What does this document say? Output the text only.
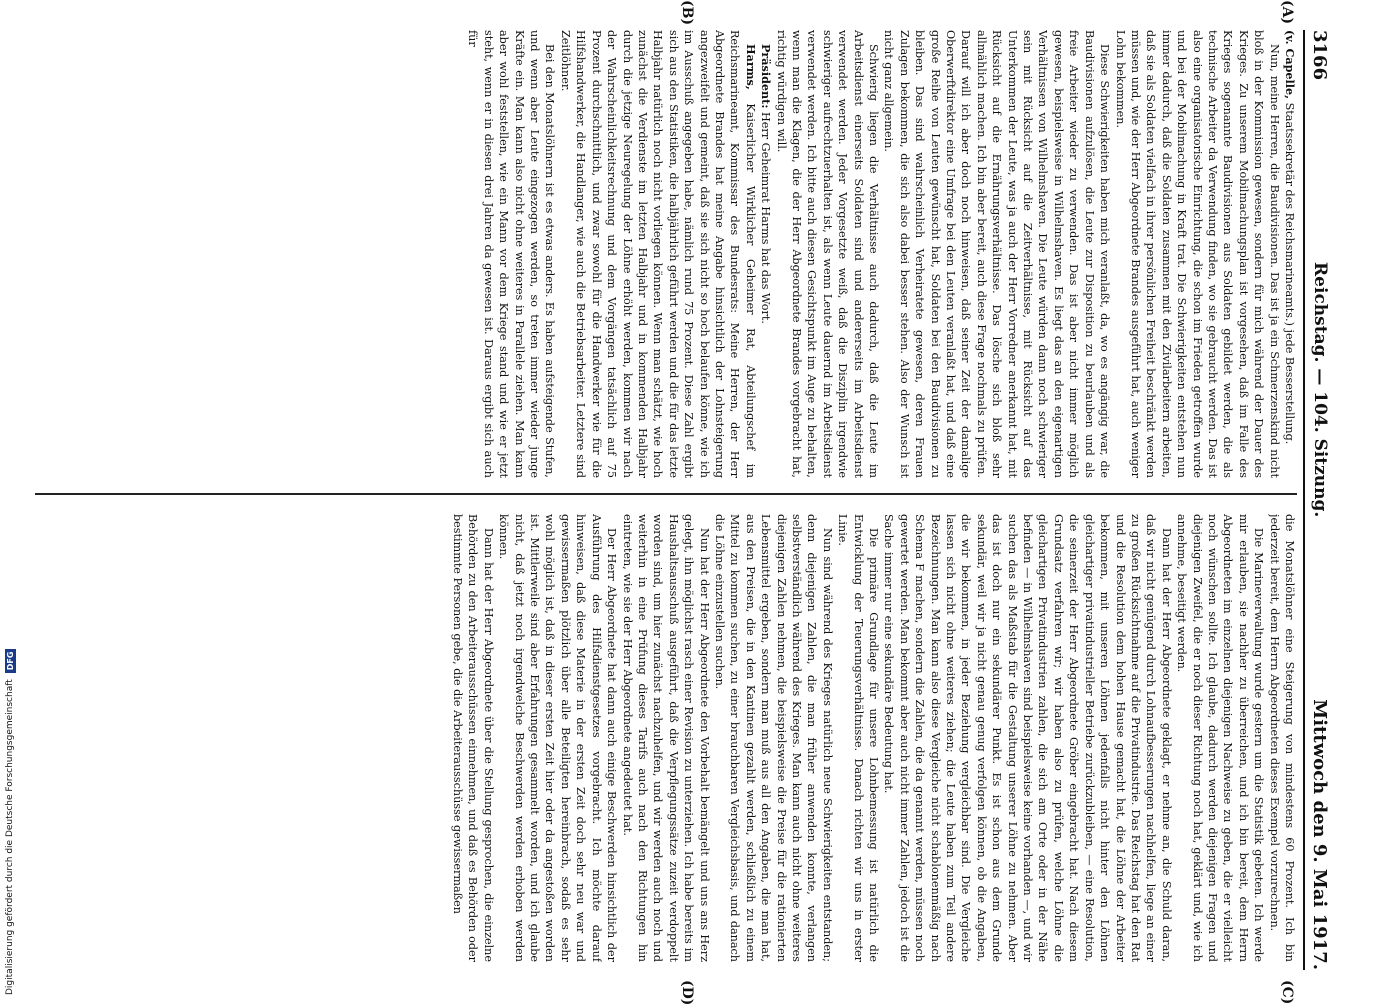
3166
Reichstag. — 104. Sitzung.
Mittwoch den 9. Mai 1917.

(v. Capelle, Staatssekretär des Reichsmarineamts.) jede Besserstellung.

Nun, meine Herren, die Baudivisionen. Das ist ja ein Schmerzenskind nicht bloß in der Kommission gewesen, sondern für mich während der Dauer des Krieges. Zu unserem Mobilmachungsplan ist vorgesehen, daß im Falle des Krieges sogenannte Baudivisionen aus Soldaten gebildet werden, die als technische Arbeiter da Verwendung finden, wo sie gebraucht werden. Das ist also eine organisatorische Einrichtung, die schon im Frieden getroffen wurde und bei der Mobilmachung in Kraft trat. Die Schwierigkeiten entstehen nun immer dadurch, daß die Soldaten zusammen mit den Zivilarbeitern arbeiten, daß sie als Soldaten vielfach in ihrer persönlichen Freiheit beschränkt werden müssen und, wie der Herr Abgeordnete Brandes ausgeführt hat, auch weniger Lohn bekommen.

Diese Schwierigkeiten haben mich veranlaßt, da, wo es angängig war, die Baudivisionen aufzulösen, die Leute zur Disposition zu beurlauben und als freie Arbeiter wieder zu verwenden. Das ist aber nicht immer möglich gewesen, beispielsweise in Wilhelmshaven. Es liegt das an den eigenartigen Verhältnissen von Wilhelmshaven. Die Leute würden dann noch schwieriger sein mit Rücksicht auf die Zeitverhältnisse, mit Rücksicht auf das Unterkommen der Leute, was ja auch der Herr Vorredner anerkannt hat, mit Rücksicht auf die Ernährungsverhältnisse. Das lösche sich bloß sehr allmählich machen. Ich bin aber bereit, auch diese Frage nochmals zu prüfen. Darauf will ich aber doch noch hinweisen, daß seiner Zeit der damalige Oberwerftdirektor eine Umfrage bei den Leuten veranlaßt hat, und daß eine große Reihe von Leuten gewünscht hat, Soldaten bei den Baudivisionen zu bleiben. Das sind wahrscheinlich Verheiratete gewesen, deren Frauen Zulagen bekommen, die sich also dabei besser stehen. Also der Wunsch ist nicht ganz allgemein.

Schwierig liegen die Verhältnisse auch dadurch, daß die Leute im Arbeitsdienst einerseits Soldaten sind und andererseits im Arbeitsdienst verwendet werden. Jeder Vorgesetzte weiß, daß die Disziplin irgendwie schwieriger aufrechtzuerhalten ist, als wenn Leute dauernd im Arbeitsdienst verwendet werden. Ich bitte auch diesen Gesichtspunkt im Auge zu behalten, wenn man die Klagen, die der Herr Abgeordnete Brandes vorgebracht hat, richtig würdigen will.

Präsident: Herr Geheimrat Harms hat das Wort.

Harms, Kaiserlicher Wirklicher Geheimer Rat, Abteilungschef im Reichsmarineamt, Kommissar des Bundesrats: Meine Herren, der Herr Abgeordnete Brandes hat meine Angabe hinsichtlich der Lohnsteigerung angezweifelt und gemeint, daß sie sich nicht so hoch belaufen könne, wie ich im Ausschuß angegeben habe, nämlich rund 75 Prozent. Diese Zahl ergibt sich aus den Statistiken, die halbjährlich geführt werden und die für das letzte Halbjahr natürlich noch nicht vorliegen können. Wenn man schätzt, wie hoch zunächst die Verdienste im letzten Halbjahr und in kommenden Halbjahr durch die jetzige Neuregelung der Löhne erhöht werden, kommen wir nach der Wahrscheinlichkeitsrechnung und dem Vorgängen tatsächlich auf 75 Prozent durchschnittlich, und zwar sowohl für die Handwerker wie für die Hilfshandwerker, die Handlanger, wie auch die Betriebsarbeiter. Letztere sind Zeitlöhner.

Bei den Monatslöhnern ist es etwas anders. Es haben aufsteigende Stufen, und wenn aber Leute eingezogen werden, so treten immer wieder junge Kräfte ein. Man kann also nicht ohne weiteres in Parallele ziehen. Man kann aber wohl feststellen, wie ein Mann vor dem Kriege stand und wie er jetzt steht, wenn er in diesen drei Jahren da gewesen ist. Daraus ergibt sich auch für

die Monatslöhner eine Steigerung von mindestens 60 Prozent. Ich bin jederzeit bereit, dem Herrn Abgeordneten dieses Exempel vorzurechnen.

Die Marineverwaltung wurde gestern um die Statistik gebeten. Ich werde mir erlauben, sie nachher zu überreichen, und ich bin bereit, dem Herrn Abgeordneten im einzelnen diejenigen Nachweise zu geben, die er vielleicht noch wünschen sollte. Ich glaube, dadurch werden diejenigen Fragen und diejenigen Zweifel, die er noch dieser Richtung noch hat, geklärt und, wie ich annehme, beseitigt werden.

Dann hat der Herr Abgeordnete geklagt, er nehme an, die Schuld daran, daß wir nicht genügend durch Lohnaufbesserungen nachhelfen, liege an einer zu großen Rücksichtnahme auf die Privatindustrie. Das Reichstag hat den Rat und die Resolution dem hohen Hause gemacht hat, die Löhne der Arbeiter bekommen, mit unseren Löhnen jedenfalls nicht hinter den Löhnen gleichartiger privatindustrieller Betriebe zurückzubleiben, — eine Resolution, die seinerzeit der Herr Abgeordnete Gröber eingebracht hat. Nach diesem Grundsatz verfahren wir; wir haben also zu prüfen, welche Löhne die gleichartigen Privatindustrien zahlen, die sich am Orte oder in der Nähe befinden — in Wilhelmshaven sind beispielsweise keine vorhanden —, und wir suchen das als Maßstab für die Gestaltung unserer Löhne zu nehmen. Aber das ist doch nur ein sekundärer Punkt. Es ist schon aus dem Grunde sekundär, weil wir ja nicht genau genug verfolgen können, ob die Angaben, die wir bekommen, in jeder Beziehung vergleichbar sind. Die Vergleiche lassen sich nicht ohne weiteres ziehen; die Leute haben zum Teil andere Bezeichnungen. Man kann also diese Vergleiche nicht schablonenmäßig nach Schema F machen, sondern die Zahlen, die da genannt werden, müssen noch gewertet werden. Man bekommt aber auch nicht immer Zahlen, jedoch ist die Sache immer nur eine sekundäre Bedeutung hat.

Die primäre Grundlage für unsere Lohnbemessung ist natürlich die Entwicklung der Teuerungsverhältnisse. Danach richten wir uns in erster Linie.

Nun sind während des Krieges natürlich neue Schwierigkeiten entstanden; denn diejenigen Zahlen, die man früher anwenden konnte, verlangen selbstverständlich während des Krieges. Man kann auch nicht ohne weiteres diejenigen Zahlen nehmen, die beispielsweise die Preise für die rationierten Lebensmittel ergeben, sondern man muß aus all den Angaben, die man hat, aus den Preisen, die in den Kantinen gezahlt werden, schließlich zu einem Mittel zu kommen suchen, zu einer brauchbaren Vergleichsbasis, und danach die Löhne einzustellen suchen.

Nun hat der Herr Abgeordnete den Vorbehalt bemängelt und uns ans Herz gelegt, ihn möglichst rasch einer Revision zu unterziehen. Ich habe bereits im Haushaltsausschuß ausgeführt, daß die Verpflegungssätze zuzeit verdoppelt worden sind, um hier zunächst nachzuhelfen, und wir werden auch noch und weiterhin in eine Prüfung dieses Tarifs auch nach den Richtungen hin eintreten, wie sie der Herr Abgeordnete angedeutet hat.

Der Herr Abgeordnete hat dann auch einige Beschwerden hinsichtlich der Ausführung des Hilfsdienstgesetzes vorgebracht. Ich möchte darauf hinweisen, daß diese Materie in der ersten Zeit doch sehr neu war und gewissermaßen plötzlich über alle Beteiligten hereinbrach, sodaß es sehr wohl möglich ist, daß in dieser ersten Zeit hier oder da angestoßen worden ist. Mittlerweile sind aber Erfahrungen gesammelt worden, und ich glaube nicht, daß jetzt noch irgendwelche Beschwerden werden erhoben werden können.

Dann hat der Herr Abgeordnete über die Stellung gesprochen, die einzelne Behörden zu den Arbeiterausschüssen einnehmen, und daß es Behörden oder bestimmte Personen gebe, die die Arbeiterausschüsse gewissermaßen

(A)
(B)
(C)
(D)
Digitalisierung gefördert durch die Deutsche Forschungsgemeinschaft
DFG
